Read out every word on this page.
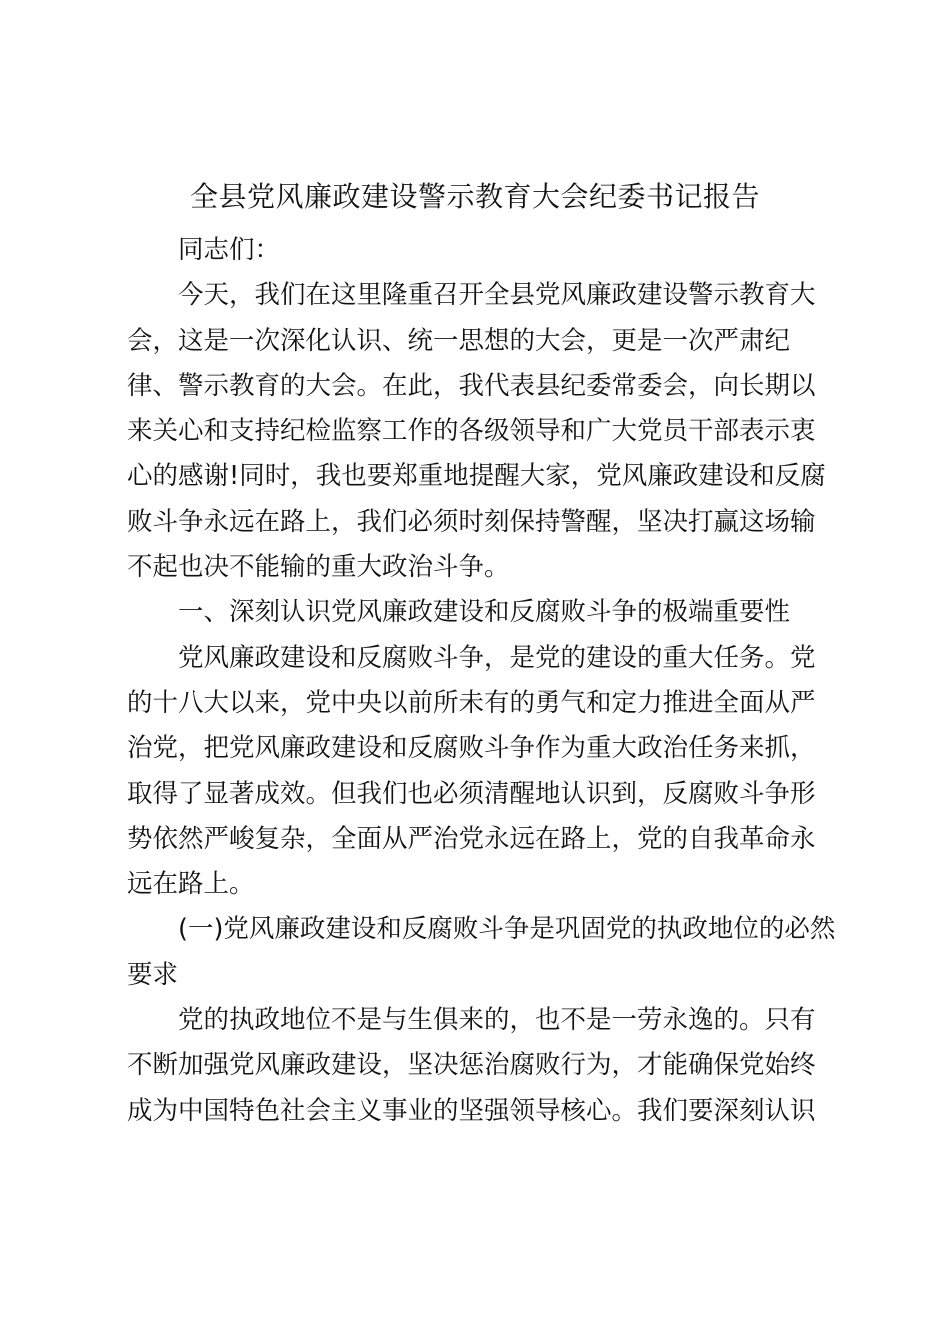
全县党风廉政建设警示教育大会纪委书记报告
同志们：
今天，我们在这里隆重召开全县党风廉政建设警示教育大
会，这是一次深化认识、统一思想的大会，更是一次严肃纪
律、警示教育的大会。在此，我代表县纪委常委会，向长期以
来关心和支持纪检监察工作的各级领导和广大党员干部表示衷
心的感谢!同时，我也要郑重地提醒大家，党风廉政建设和反腐
败斗争永远在路上，我们必须时刻保持警醒，坚决打赢这场输
不起也决不能输的重大政治斗争。
一、深刻认识党风廉政建设和反腐败斗争的极端重要性
党风廉政建设和反腐败斗争，是党的建设的重大任务。党
的十八大以来，党中央以前所未有的勇气和定力推进全面从严
治党，把党风廉政建设和反腐败斗争作为重大政治任务来抓，
取得了显著成效。但我们也必须清醒地认识到，反腐败斗争形
势依然严峻复杂，全面从严治党永远在路上，党的自我革命永
远在路上。
(一)党风廉政建设和反腐败斗争是巩固党的执政地位的必然
要求
党的执政地位不是与生俱来的，也不是一劳永逸的。只有
不断加强党风廉政建设，坚决惩治腐败行为，才能确保党始终
成为中国特色社会主义事业的坚强领导核心。我们要深刻认识
